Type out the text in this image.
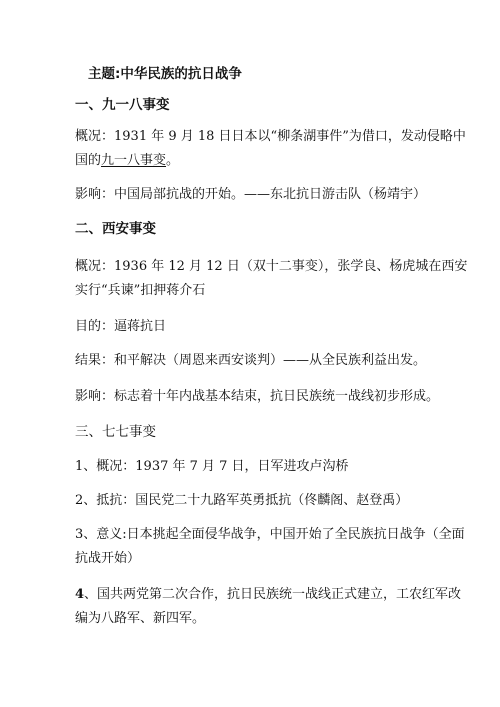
主题:中华民族的抗日战争
一、九一八事变
概况：1931 年 9 月 18 日日本以“柳条湖事件”为借口，发动侵略中
国的九一八事变。
影响：中国局部抗战的开始。——东北抗日游击队（杨靖宇）
二、西安事变
概况：1936 年 12 月 12 日（双十二事变），张学良、杨虎城在西安
实行“兵谏”扣押蒋介石
目的：逼蒋抗日
结果：和平解决（周恩来西安谈判）——从全民族利益出发。
影响：标志着十年内战基本结束，抗日民族统一战线初步形成。
三、七七事变
1、概况：1937 年 7 月 7 日，日军进攻卢沟桥
2、抵抗：国民党二十九路军英勇抵抗（佟麟阁、赵登禹）
3、意义:日本挑起全面侵华战争，中国开始了全民族抗日战争（全面
抗战开始）
4、国共两党第二次合作，抗日民族统一战线正式建立，工农红军改
编为八路军、新四军。
